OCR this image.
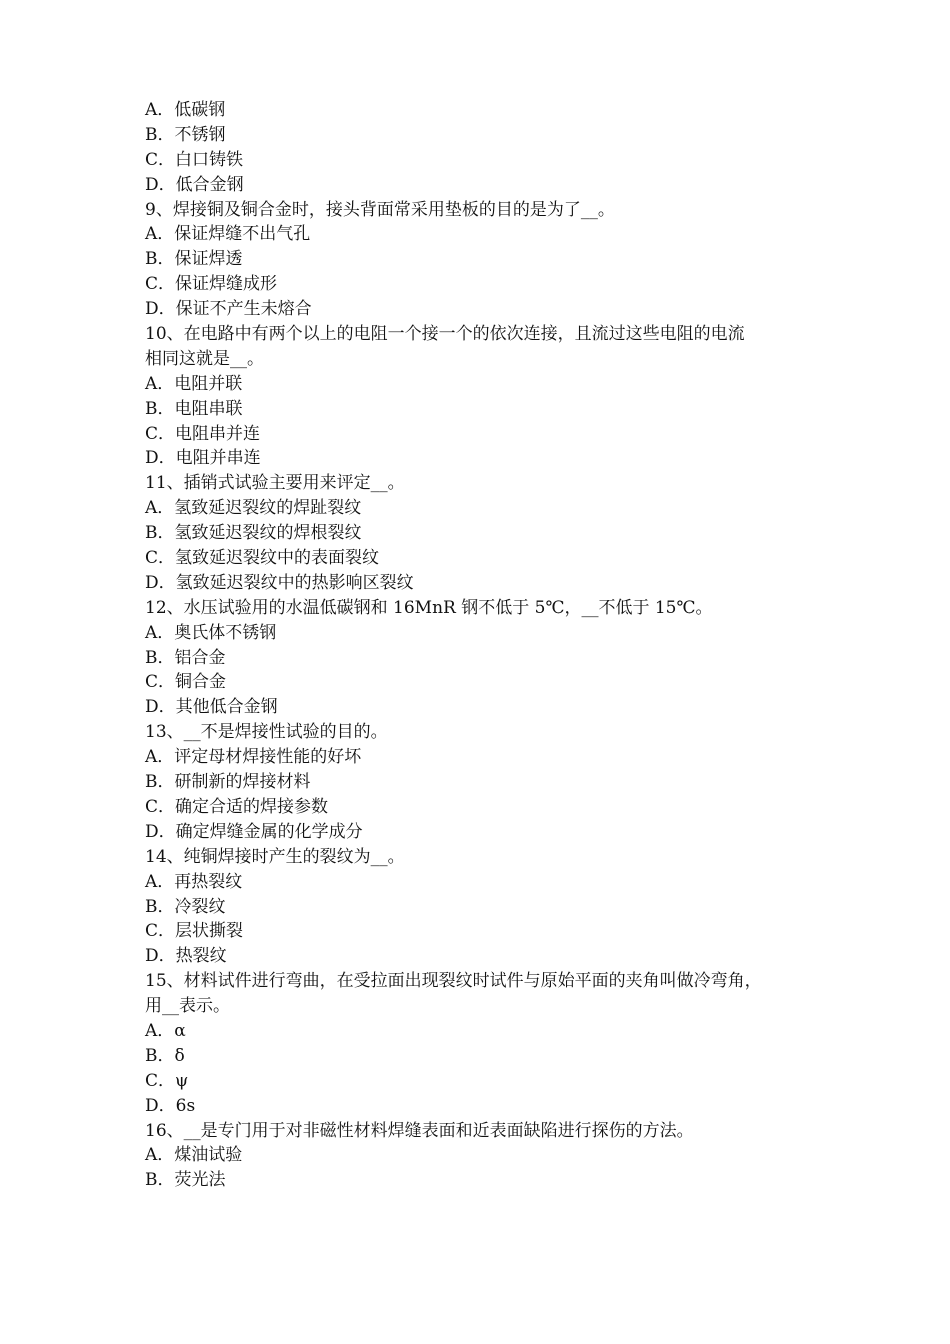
A．低碳钢
B．不锈钢
C．白口铸铁
D．低合金钢
9、焊接铜及铜合金时，接头背面常采用垫板的目的是为了__。
A．保证焊缝不出气孔
B．保证焊透
C．保证焊缝成形
D．保证不产生未熔合
10、在电路中有两个以上的电阻一个接一个的依次连接，且流过这些电阻的电流
相同这就是__。
A．电阻并联
B．电阻串联
C．电阻串并连
D．电阻并串连
11、插销式试验主要用来评定__。
A．氢致延迟裂纹的焊趾裂纹
B．氢致延迟裂纹的焊根裂纹
C．氢致延迟裂纹中的表面裂纹
D．氢致延迟裂纹中的热影响区裂纹
12、水压试验用的水温低碳钢和 16MnR 钢不低于 5℃，__不低于 15℃。
A．奥氏体不锈钢
B．铝合金
C．铜合金
D．其他低合金钢
13、__不是焊接性试验的目的。
A．评定母材焊接性能的好坏
B．研制新的焊接材料
C．确定合适的焊接参数
D．确定焊缝金属的化学成分
14、纯铜焊接时产生的裂纹为__。
A．再热裂纹
B．冷裂纹
C．层状撕裂
D．热裂纹
15、材料试件进行弯曲，在受拉面出现裂纹时试件与原始平面的夹角叫做冷弯角，
用__表示。
A．α
B．δ
C．ψ
D．6s
16、__是专门用于对非磁性材料焊缝表面和近表面缺陷进行探伤的方法。
A．煤油试验
B．荧光法
